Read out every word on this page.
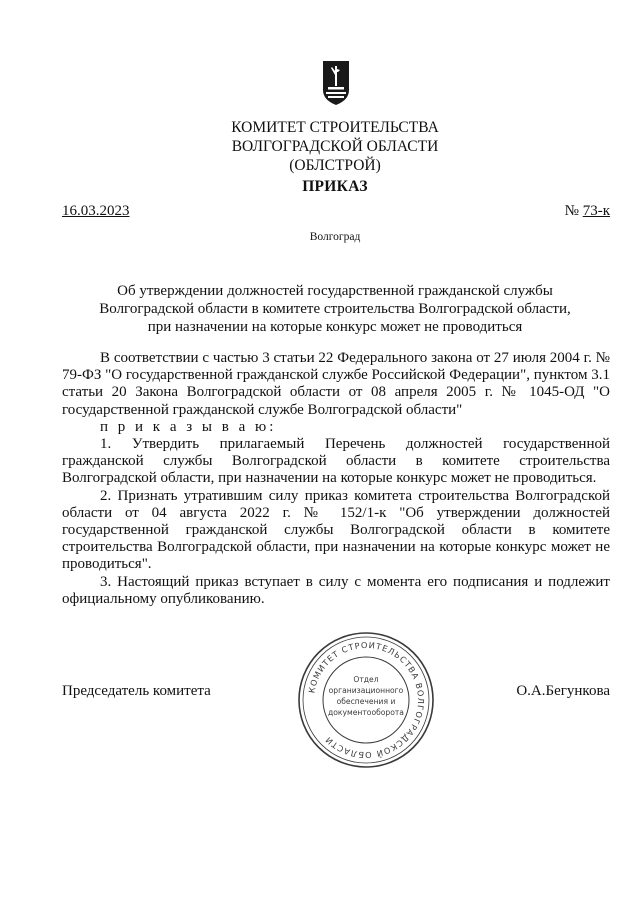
КОМИТЕТ СТРОИТЕЛЬСТВА
ВОЛГОГРАДСКОЙ ОБЛАСТИ
(ОБЛСТРОЙ)
ПРИКАЗ
16.03.2023	№ 73-к
Волгоград
Об утверждении должностей государственной гражданской службы
Волгоградской области в комитете строительства Волгоградской области,
при назначении на которые конкурс может не проводиться

В соответствии с частью 3 статьи 22 Федерального закона от 27 июля 2004 г. № 79-ФЗ "О государственной гражданской службе Российской Федерации", пунктом 3.1 статьи 20 Закона Волгоградской области от 08 апреля 2005 г. № 1045-ОД "О государственной гражданской службе Волгоградской области"

п р и к а з ы в а ю:

1. Утвердить прилагаемый Перечень должностей государственной гражданской службы Волгоградской области в комитете строительства Волгоградской области, при назначении на которые конкурс может не проводиться.

2. Признать утратившим силу приказ комитета строительства Волгоградской области от 04 августа 2022 г. № 152/1-к "Об утверждении должностей государственной гражданской службы Волгоградской области в комитете строительства Волгоградской области, при назначении на которые конкурс может не проводиться".

3. Настоящий приказ вступает в силу с момента его подписания и подлежит официальному опубликованию.

Председатель комитета	О.А.Бегункова
КОМИТЕТ СТРОИТЕЛЬСТВА ВОЛГОГРАДСКОЙ ОБЛАСТИ
Отдел
организационного
обеспечения и
документооборота
